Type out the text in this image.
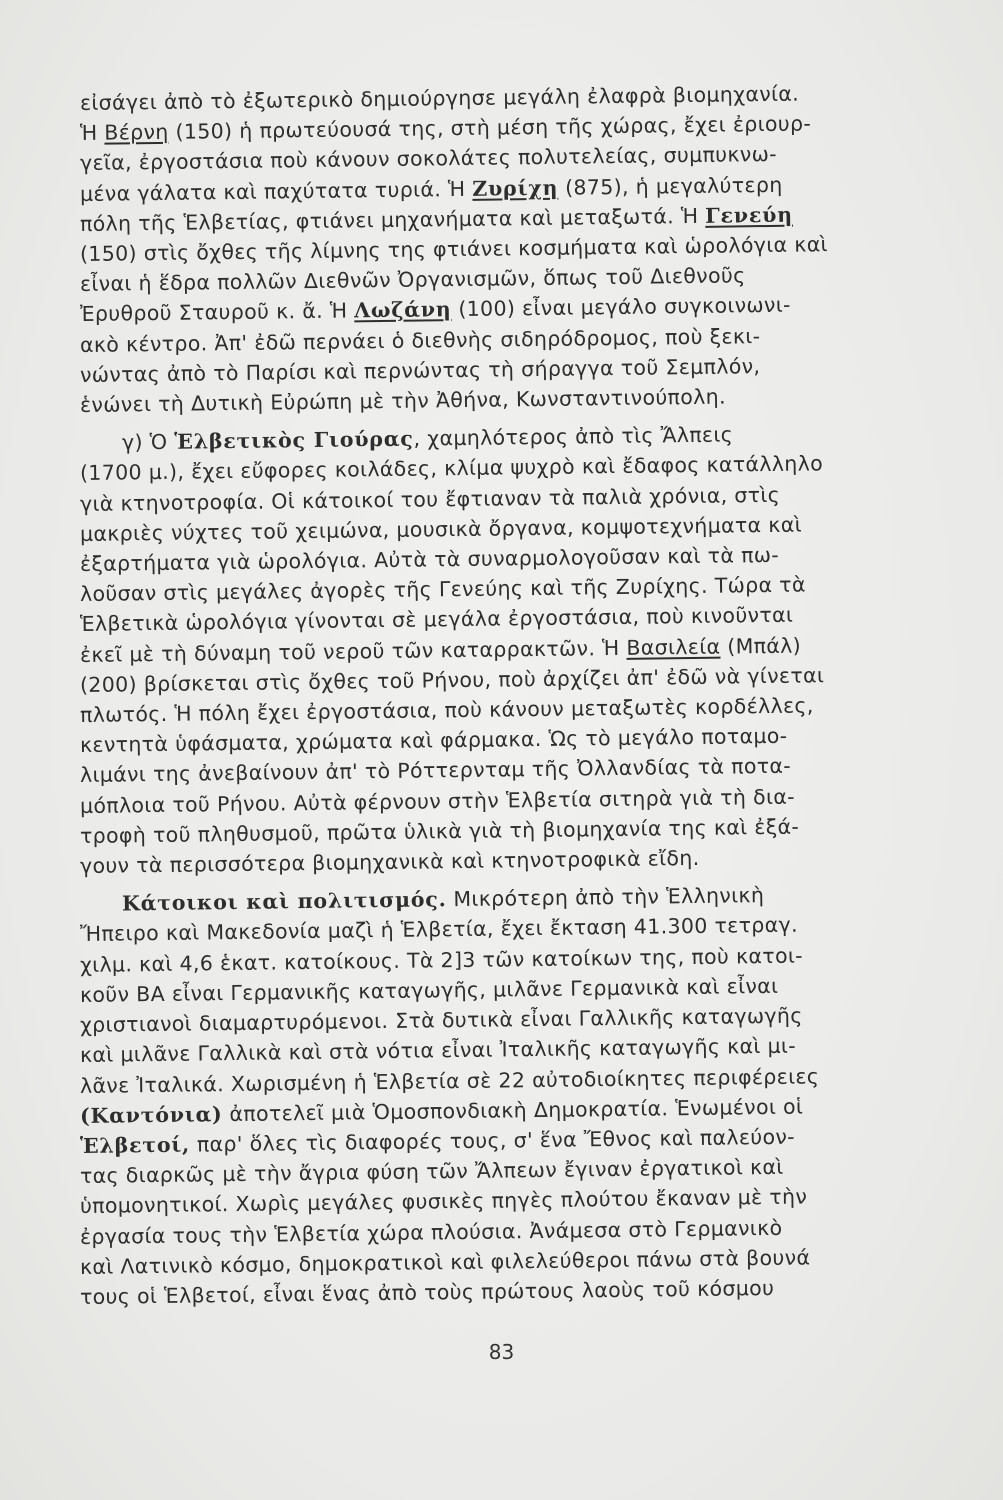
εἰσάγει ἀπὸ τὸ ἐξωτερικὸ δημιούργησε μεγάλη ἐλαφρὰ βιομηχανία.
Ἡ Βέρνη (150) ἡ πρωτεύουσά της, στὴ μέση τῆς χώρας, ἔχει ἐριουρ-
γεῖα, ἐργοστάσια ποὺ κάνουν σοκολάτες πολυτελείας, συμπυκνω-
μένα γάλατα καὶ παχύτατα τυριά. Ἡ Ζυρίχη (875), ἡ μεγαλύτερη
πόλη τῆς Ἑλβετίας, φτιάνει μηχανήματα καὶ μεταξωτά. Ἡ Γενεύη
(150) στὶς ὄχθες τῆς λίμνης της φτιάνει κοσμήματα καὶ ὡρολόγια καὶ
εἶναι ἡ ἕδρα πολλῶν Διεθνῶν Ὀργανισμῶν, ὅπως τοῦ Διεθνοῦς
Ἐρυθροῦ Σταυροῦ κ. ἄ. Ἡ Λωζάνη (100) εἶναι μεγάλο συγκοινωνι-
ακὸ κέντρο. Ἀπ' ἐδῶ περνάει ὁ διεθνὴς σιδηρόδρομος, ποὺ ξεκι-
νώντας ἀπὸ τὸ Παρίσι καὶ περνώντας τὴ σήραγγα τοῦ Σεμπλόν,
ἑνώνει τὴ Δυτικὴ Εὐρώπη μὲ τὴν Ἀθήνα, Κωνσταντινούπολη.
γ) Ὁ Ἑλβετικὸς Γιούρας, χαμηλότερος ἀπὸ τὶς Ἄλπεις
(1700 μ.), ἔχει εὔφορες κοιλάδες, κλίμα ψυχρὸ καὶ ἔδαφος κατάλληλο
γιὰ κτηνοτροφία. Οἱ κάτοικοί του ἔφτιαναν τὰ παλιὰ χρόνια, στὶς
μακριὲς νύχτες τοῦ χειμώνα, μουσικὰ ὄργανα, κομψοτεχνήματα καὶ
ἐξαρτήματα γιὰ ὡρολόγια. Αὐτὰ τὰ συναρμολογοῦσαν καὶ τὰ πω-
λοῦσαν στὶς μεγάλες ἀγορὲς τῆς Γενεύης καὶ τῆς Ζυρίχης. Τώρα τὰ
Ἑλβετικὰ ὡρολόγια γίνονται σὲ μεγάλα ἐργοστάσια, ποὺ κινοῦνται
ἐκεῖ μὲ τὴ δύναμη τοῦ νεροῦ τῶν καταρρακτῶν. Ἡ Βασιλεία (Μπάλ)
(200) βρίσκεται στὶς ὄχθες τοῦ Ρήνου, ποὺ ἀρχίζει ἀπ' ἐδῶ νὰ γίνεται
πλωτός. Ἡ πόλη ἔχει ἐργοστάσια, ποὺ κάνουν μεταξωτὲς κορδέλλες,
κεντητὰ ὑφάσματα, χρώματα καὶ φάρμακα. Ὡς τὸ μεγάλο ποταμο-
λιμάνι της ἀνεβαίνουν ἀπ' τὸ Ρόττερνταμ τῆς Ὀλλανδίας τὰ ποτα-
μόπλοια τοῦ Ρήνου. Αὐτὰ φέρνουν στὴν Ἑλβετία σιτηρὰ γιὰ τὴ δια-
τροφὴ τοῦ πληθυσμοῦ, πρῶτα ὑλικὰ γιὰ τὴ βιομηχανία της καὶ ἐξά-
γουν τὰ περισσότερα βιομηχανικὰ καὶ κτηνοτροφικὰ εἴδη.
Κάτοικοι καὶ πολιτισμός. Μικρότερη ἀπὸ τὴν Ἑλληνικὴ
Ἤπειρο καὶ Μακεδονία μαζὶ ἡ Ἑλβετία, ἔχει ἔκταση 41.300 τετραγ.
χιλμ. καὶ 4,6 ἑκατ. κατοίκους. Τὰ 2]3 τῶν κατοίκων της, ποὺ κατοι-
κοῦν ΒΑ εἶναι Γερμανικῆς καταγωγῆς, μιλᾶνε Γερμανικὰ καὶ εἶναι
χριστιανοὶ διαμαρτυρόμενοι. Στὰ δυτικὰ εἶναι Γαλλικῆς καταγωγῆς
καὶ μιλᾶνε Γαλλικὰ καὶ στὰ νότια εἶναι Ἰταλικῆς καταγωγῆς καὶ μι-
λᾶνε Ἰταλικά. Χωρισμένη ἡ Ἑλβετία σὲ 22 αὐτοδιοίκητες περιφέρειες
(Καντόνια) ἀποτελεῖ μιὰ Ὁμοσπονδιακὴ Δημοκρατία. Ἑνωμένοι οἱ
Ἑλβετοί, παρ' ὅλες τὶς διαφορές τους, σ' ἕνα Ἔθνος καὶ παλεύον-
τας διαρκῶς μὲ τὴν ἄγρια φύση τῶν Ἄλπεων ἔγιναν ἐργατικοὶ καὶ
ὑπομονητικοί. Χωρὶς μεγάλες φυσικὲς πηγὲς πλούτου ἔκαναν μὲ τὴν
ἐργασία τους τὴν Ἑλβετία χώρα πλούσια. Ἀνάμεσα στὸ Γερμανικὸ
καὶ Λατινικὸ κόσμο, δημοκρατικοὶ καὶ φιλελεύθεροι πάνω στὰ βουνά
τους οἱ Ἑλβετοί, εἶναι ἕνας ἀπὸ τοὺς πρώτους λαοὺς τοῦ κόσμου
83
